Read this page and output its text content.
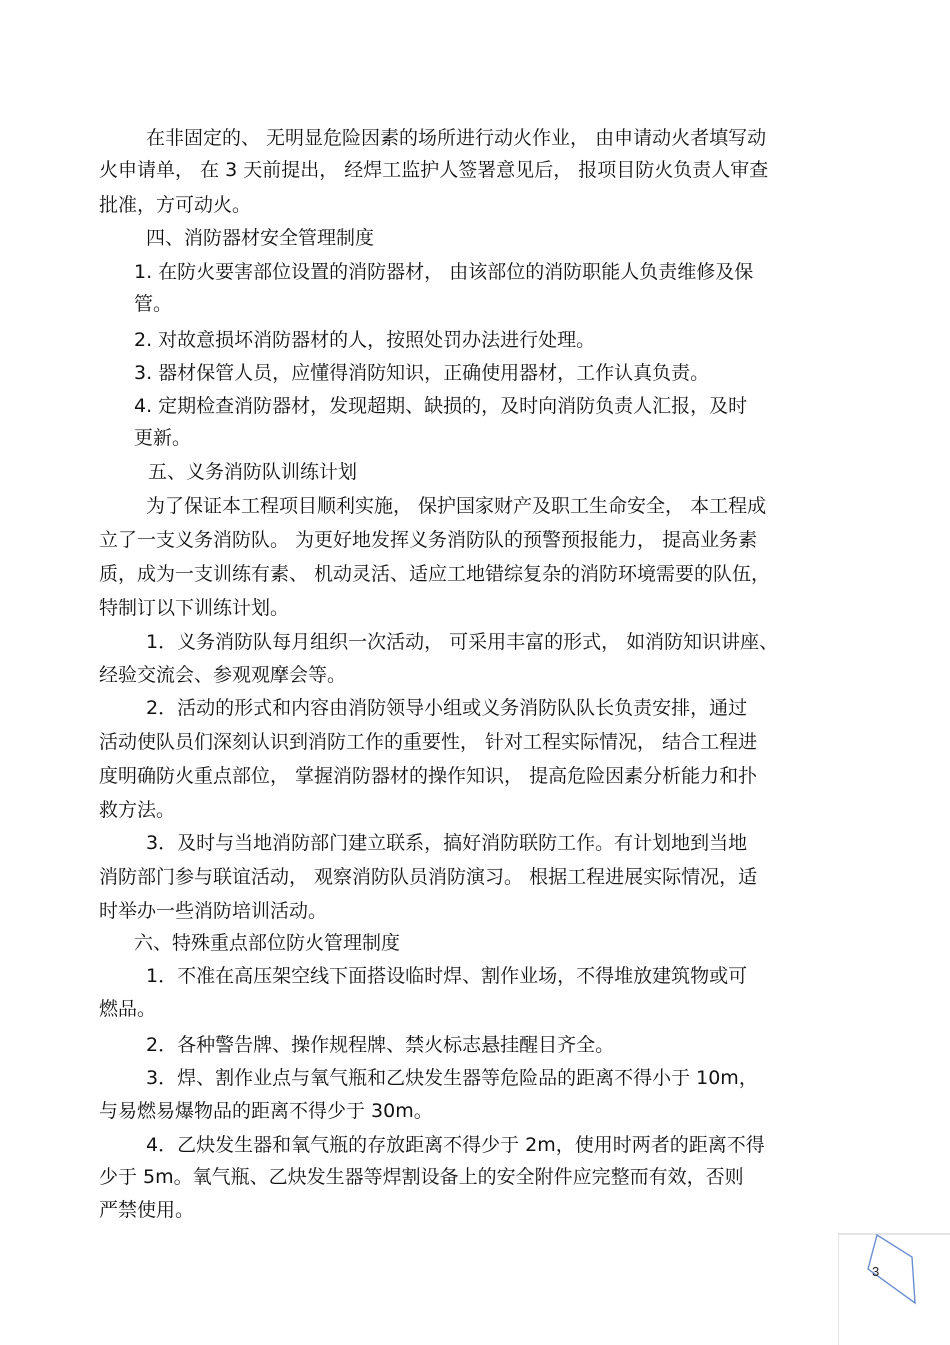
在非固定的、 无明显危险因素的场所进行动火作业， 由申请动火者填写动
火申请单， 在 3 天前提出， 经焊工监护人签署意见后， 报项目防火负责人审查
批准，方可动火。
四、消防器材安全管理制度
1. 在防火要害部位设置的消防器材， 由该部位的消防职能人负责维修及保
管。
2. 对故意损坏消防器材的人，按照处罚办法进行处理。
3. 器材保管人员，应懂得消防知识，正确使用器材，工作认真负责。
4. 定期检查消防器材，发现超期、缺损的，及时向消防负责人汇报，及时
更新。
五、义务消防队训练计划
为了保证本工程项目顺利实施， 保护国家财产及职工生命安全， 本工程成
立了一支义务消防队。 为更好地发挥义务消防队的预警预报能力， 提高业务素
质，成为一支训练有素、 机动灵活、适应工地错综复杂的消防环境需要的队伍，
特制订以下训练计划。
1．义务消防队每月组织一次活动， 可采用丰富的形式， 如消防知识讲座、
经验交流会、参观观摩会等。
2．活动的形式和内容由消防领导小组或义务消防队队长负责安排，通过
活动使队员们深刻认识到消防工作的重要性， 针对工程实际情况， 结合工程进
度明确防火重点部位， 掌握消防器材的操作知识， 提高危险因素分析能力和扑
救方法。
3．及时与当地消防部门建立联系，搞好消防联防工作。有计划地到当地
消防部门参与联谊活动， 观察消防队员消防演习。 根据工程进展实际情况，适
时举办一些消防培训活动。
六、特殊重点部位防火管理制度
1．不准在高压架空线下面搭设临时焊、割作业场，不得堆放建筑物或可
燃品。
2．各种警告牌、操作规程牌、禁火标志悬挂醒目齐全。
3．焊、割作业点与氧气瓶和乙炔发生器等危险品的距离不得小于 10m，
与易燃易爆物品的距离不得少于 30m。
4．乙炔发生器和氧气瓶的存放距离不得少于 2m，使用时两者的距离不得
少于 5m。氧气瓶、乙炔发生器等焊割设备上的安全附件应完整而有效，否则
严禁使用。
3
